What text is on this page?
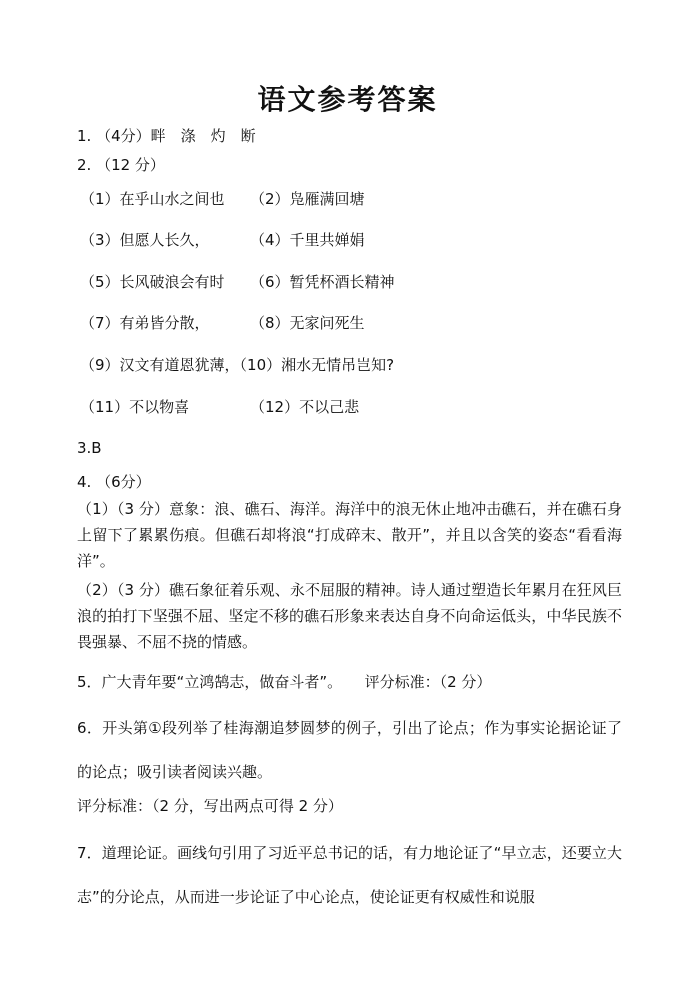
语文参考答案
1. （4分）畔　涤　灼　断
2. （12 分）
（1）在乎山水之间也 （2）凫雁满回塘
（3）但愿人长久，	（4）千里共婵娟
（5）长风破浪会有时 （6）暂凭杯酒长精神
（7）有弟皆分散，	（8）无家问死生
（9）汉文有道恩犹薄，（10）湘水无情吊岂知?
（11）不以物喜	（12）不以己悲
3.B
4. （6分）
（1）（3 分）意象：浪、礁石、海洋。海洋中的浪无休止地冲击礁石，并在礁石身上留下了累累伤痕。但礁石却将浪“打成碎末、散开”，并且以含笑的姿态“看看海洋”。
（2）（3 分）礁石象征着乐观、永不屈服的精神。诗人通过塑造长年累月在狂风巨浪的拍打下坚强不屈、坚定不移的礁石形象来表达自身不向命运低头，中华民族不畏强暴、不屈不挠的情感。
5．广大青年要“立鸿鹄志，做奋斗者”。　　评分标准：（2 分）
6．开头第①段列举了桂海潮追梦圆梦的例子，引出了论点；作为事实论据论证了的论点；吸引读者阅读兴趣。
评分标准：（2 分，写出两点可得 2 分）
7．道理论证。画线句引用了习近平总书记的话，有力地论证了“早立志，还要立大志”的分论点，从而进一步论证了中心论点，使论证更有权威性和说服
